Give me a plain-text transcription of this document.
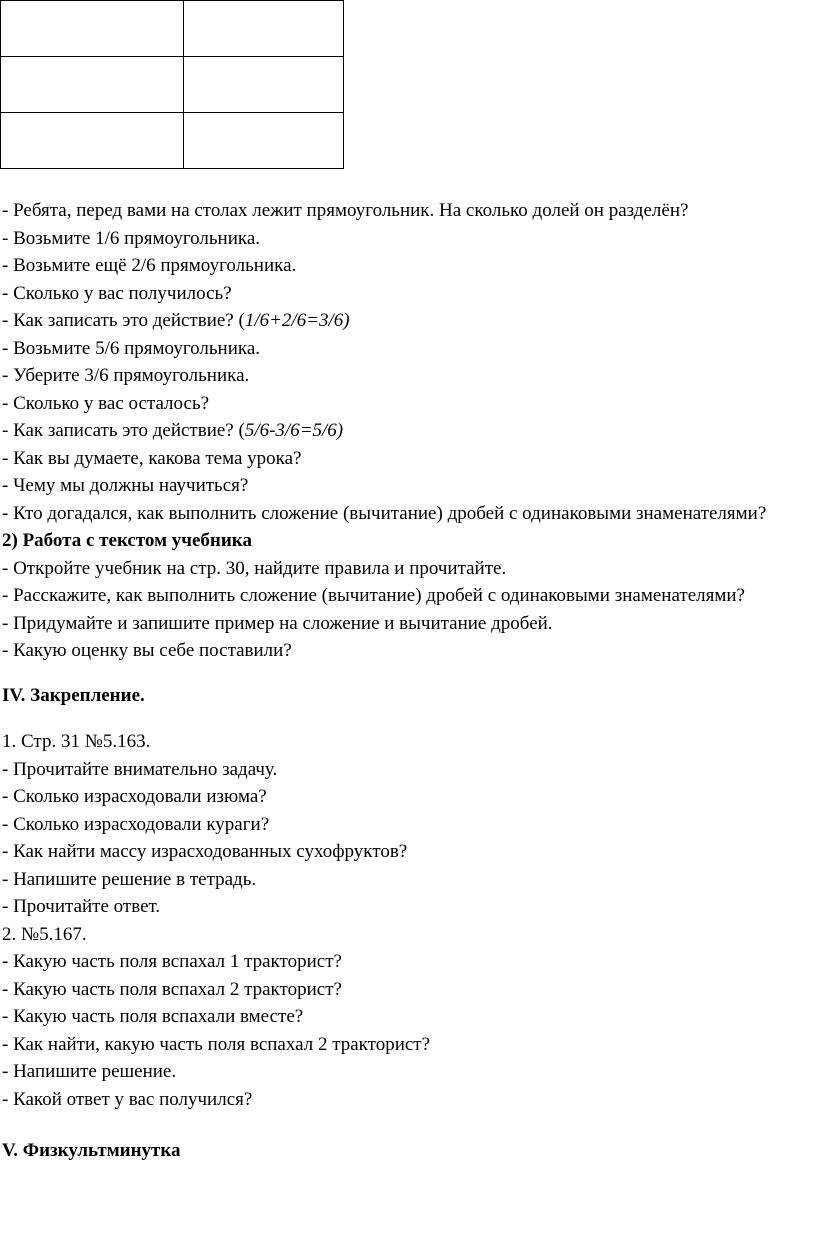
- Ребята, перед вами на столах лежит прямоугольник. На сколько долей он разделён?
- Возьмите 1/6 прямоугольника.
- Возьмите ещё 2/6 прямоугольника.
- Сколько у вас получилось?
- Как записать это действие? (1/6+2/6=3/6)
- Возьмите 5/6 прямоугольника.
- Уберите 3/6 прямоугольника.
- Сколько у вас осталось?
- Как записать это действие? (5/6-3/6=5/6)
- Как вы думаете, какова тема урока?
- Чему мы должны научиться?
- Кто догадался, как выполнить сложение (вычитание) дробей с одинаковыми знаменателями?
2) Работа с текстом учебника
- Откройте учебник на стр. 30, найдите правила и прочитайте.
- Расскажите, как выполнить сложение (вычитание) дробей с одинаковыми знаменателями?
- Придумайте и запишите пример на сложение и вычитание дробей.
- Какую оценку вы себе поставили?
IV. Закрепление.
1. Стр. 31 №5.163.
- Прочитайте внимательно задачу.
- Сколько израсходовали изюма?
- Сколько израсходовали кураги?
- Как найти массу израсходованных сухофруктов?
- Напишите решение в тетрадь.
- Прочитайте ответ.
2. №5.167.
- Какую часть поля вспахал 1 тракторист?
- Какую часть поля вспахал 2 тракторист?
- Какую часть поля вспахали вместе?
- Как найти, какую часть поля вспахал 2 тракторист?
- Напишите решение.
- Какой ответ у вас получился?
V. Физкультминутка
